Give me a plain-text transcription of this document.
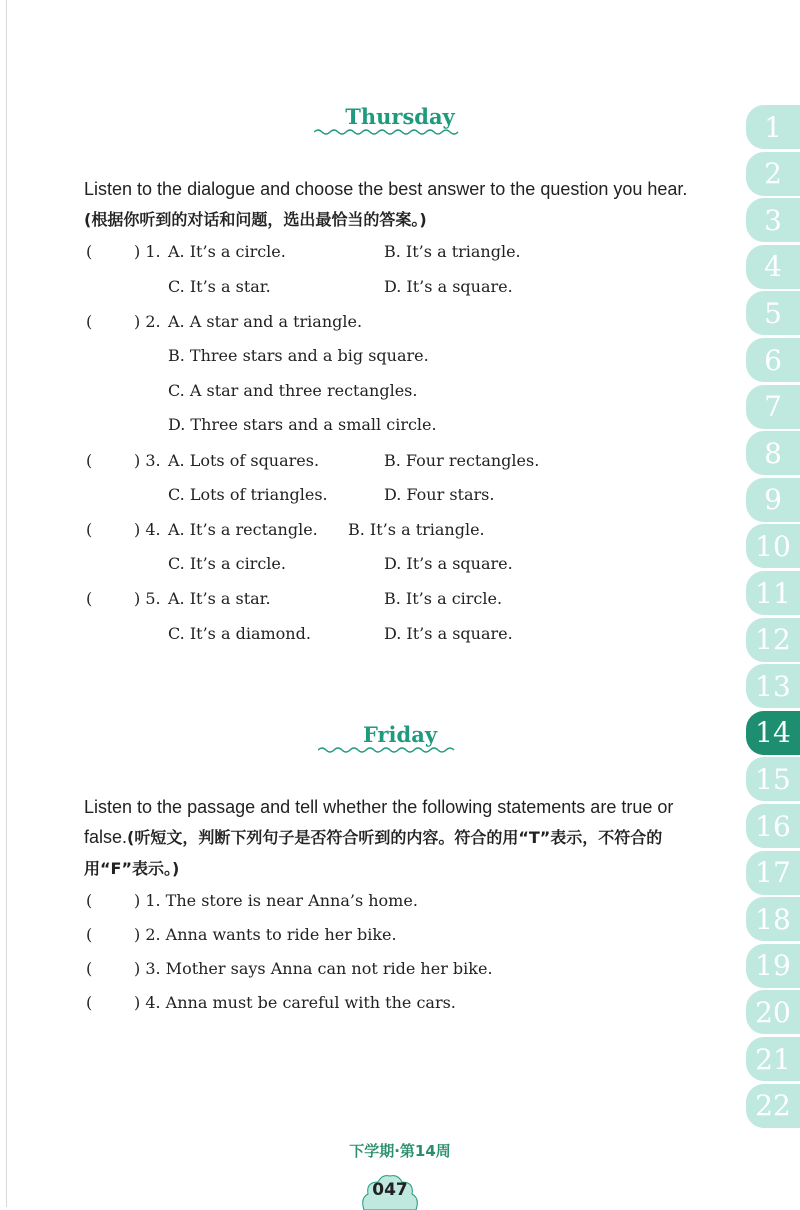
Thursday
Listen to the dialogue and choose the best answer to the question you hear.(根据你听到的对话和问题，选出最恰当的答案。)
(	) 1. A. It’s a circle.	B. It’s a triangle.
C. It’s a star.	D. It’s a square.
(	) 2. A. A star and a triangle.
B. Three stars and a big square.
C. A star and three rectangles.
D. Three stars and a small circle.
(	) 3. A. Lots of squares.	B. Four rectangles.
C. Lots of triangles.	D. Four stars.
(	) 4. A. It’s a rectangle. B. It’s a triangle.
C. It’s a circle.	D. It’s a square.
(	) 5. A. It’s a star.	B. It’s a circle.
C. It’s a diamond.	D. It’s a square.
Friday
Listen to the passage and tell whether the following statements are true or false.(听短文，判断下列句子是否符合听到的内容。符合的用“T”表示，不符合的用“F”表示。)
(	) 1. The store is near Anna’s home.
(	) 2. Anna wants to ride her bike.
(	) 3. Mother says Anna can not ride her bike.
(	) 4. Anna must be careful with the cars.
1
2
3
4
5
6
7
8
9
10
11
12
13
14
15
16
17
18
19
20
21
22
下学期·第14周
047
